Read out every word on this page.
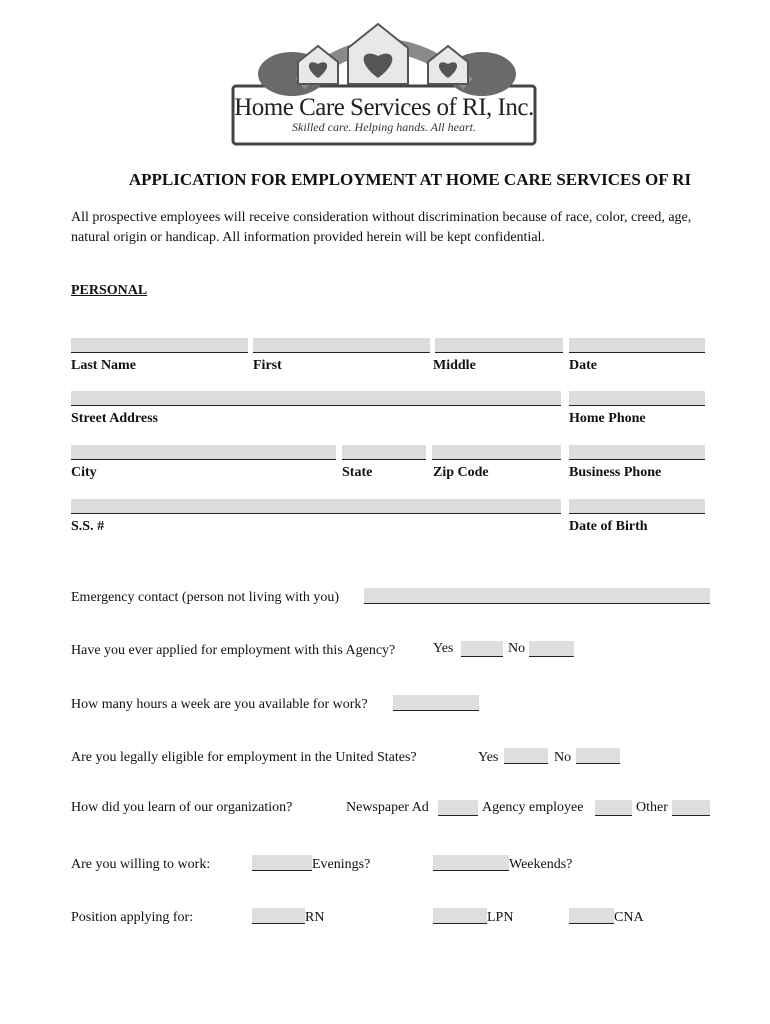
Home Care Services of RI, Inc.
Skilled care. Helping hands. All heart.
APPLICATION FOR EMPLOYMENT AT HOME CARE SERVICES OF RI
All prospective employees will receive consideration without discrimination because of race, color, creed, age,
natural origin or handicap. All information provided herein will be kept confidential.
PERSONAL
Last Name	First	Middle	Date
Street Address	Home Phone
City	State	Zip Code	Business Phone
S.S. #	Date of Birth
Emergency contact (person not living with you)
Have you ever applied for employment with this Agency?	Yes	No
How many hours a week are you available for work?
Are you legally eligible for employment in the United States?	Yes	No
How did you learn of our organization?	Newspaper Ad	Agency employee	Other
Are you willing to work:	Evenings?	Weekends?
Position applying for:	RN	LPN	CNA
